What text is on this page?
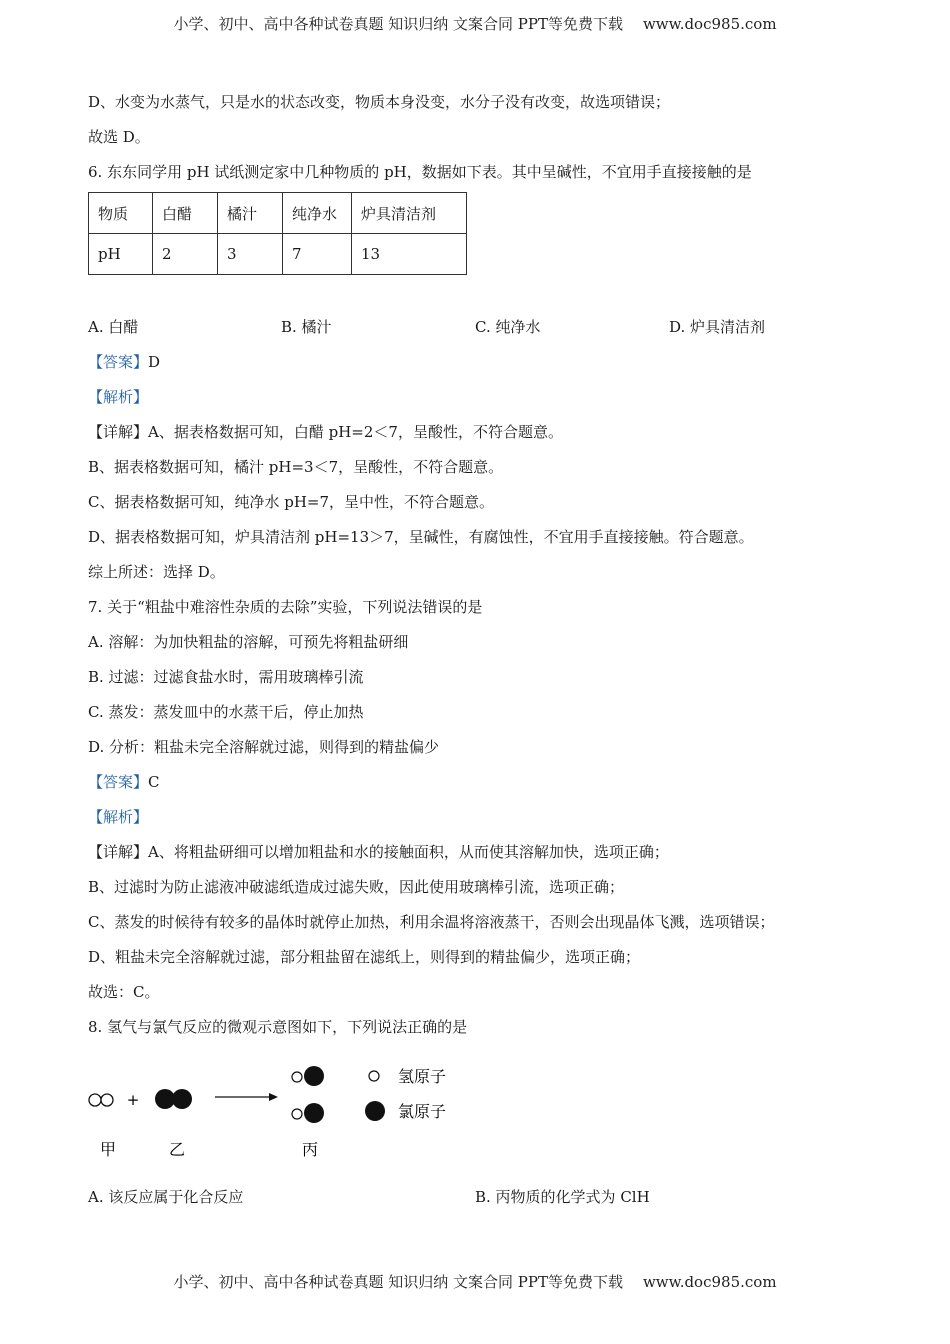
小学、初中、高中各种试卷真题 知识归纳 文案合同 PPT等免费下载 www.doc985.com
D、水变为水蒸气，只是水的状态改变，物质本身没变，水分子没有改变，故选项错误；
故选 D。
6. 东东同学用 pH 试纸测定家中几种物质的 pH，数据如下表。其中呈碱性，不宜用手直接接触的是
物质	白醋	橘汁	纯净水	炉具清洁剂
pH	2	3	7	13
A. 白醋	B. 橘汁	C. 纯净水	D. 炉具清洁剂
【答案】D
【解析】
【详解】A、据表格数据可知，白醋 pH=2＜7，呈酸性，不符合题意。
B、据表格数据可知，橘汁 pH=3＜7，呈酸性，不符合题意。
C、据表格数据可知，纯净水 pH=7，呈中性，不符合题意。
D、据表格数据可知，炉具清洁剂 pH=13＞7，呈碱性，有腐蚀性，不宜用手直接接触。符合题意。
综上所述：选择 D。
7. 关于“粗盐中难溶性杂质的去除”实验，下列说法错误的是
A. 溶解：为加快粗盐的溶解，可预先将粗盐研细
B. 过滤：过滤食盐水时，需用玻璃棒引流
C. 蒸发：蒸发皿中的水蒸干后，停止加热
D. 分析：粗盐未完全溶解就过滤，则得到的精盐偏少
【答案】C
【解析】
【详解】A、将粗盐研细可以增加粗盐和水的接触面积，从而使其溶解加快，选项正确；
B、过滤时为防止滤液冲破滤纸造成过滤失败，因此使用玻璃棒引流，选项正确；
C、蒸发的时候待有较多的晶体时就停止加热，利用余温将溶液蒸干，否则会出现晶体飞溅，选项错误；
D、粗盐未完全溶解就过滤，部分粗盐留在滤纸上，则得到的精盐偏少，选项正确；
故选：C。
8. 氢气与氯气反应的微观示意图如下，下列说法正确的是
+
氢原子
氯原子
甲	乙	丙
A. 该反应属于化合反应	B. 丙物质的化学式为 ClH
小学、初中、高中各种试卷真题 知识归纳 文案合同 PPT等免费下载 www.doc985.com
